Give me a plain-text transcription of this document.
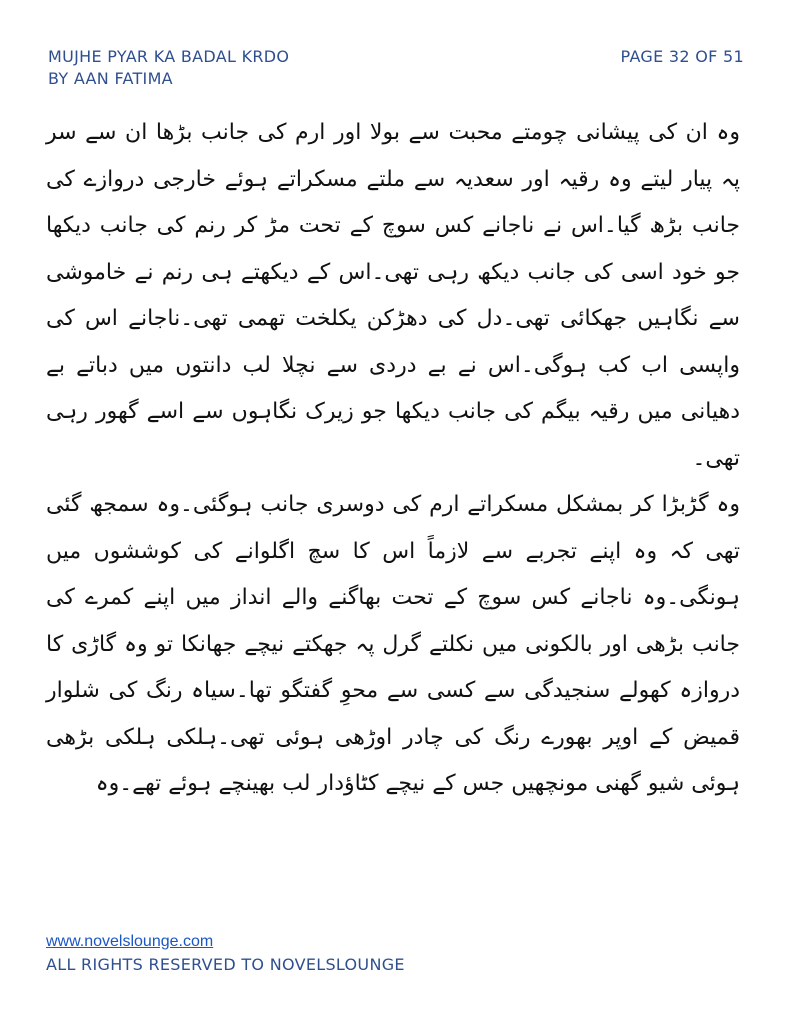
MUJHE PYAR KA BADAL KRDO
BY AAN FATIMA
PAGE 32 OF 51

وہ ان کی پیشانی چومتے محبت سے بولا اور ارم کی جانب بڑھا ان سے سر پہ پیار لیتے وہ رقیہ اور سعدیہ سے ملتے مسکراتے ہوئے خارجی دروازے کی جانب بڑھ گیا۔اس نے ناجانے کس سوچ کے تحت مڑ کر رنم کی جانب دیکھا جو خود اسی کی جانب دیکھ رہی تھی۔اس کے دیکھتے ہی رنم نے خاموشی سے نگاہیں جھکائی تھی۔دل کی دھڑکن یکلخت تھمی تھی۔ناجانے اس کی واپسی اب کب ہوگی۔اس نے بے دردی سے نچلا لب دانتوں میں دباتے بے دھیانی میں رقیہ بیگم کی جانب دیکھا جو زیرک نگاہوں سے اسے گھور رہی تھی۔

وہ گڑبڑا کر بمشکل مسکراتے ارم کی دوسری جانب ہوگئی۔وہ سمجھ گئی تھی کہ وہ اپنے تجربے سے لازماً اس کا سچ اگلوانے کی کوششوں میں ہونگی۔وہ ناجانے کس سوچ کے تحت بھاگنے والے انداز میں اپنے کمرے کی جانب بڑھی اور بالکونی میں نکلتے گرل پہ جھکتے نیچے جھانکا تو وہ گاڑی کا دروازہ کھولے سنجیدگی سے کسی سے محوِ گفتگو تھا۔سیاہ رنگ کی شلوار قمیض کے اوپر بھورے رنگ کی چادر اوڑھی ہوئی تھی۔ہلکی ہلکی بڑھی ہوئی شیو گھنی مونچھیں جس کے نیچے کٹاؤدار لب بھینچے ہوئے تھے۔وہ

www.novelslounge.com
ALL RIGHTS RESERVED TO NOVELSLOUNGE
